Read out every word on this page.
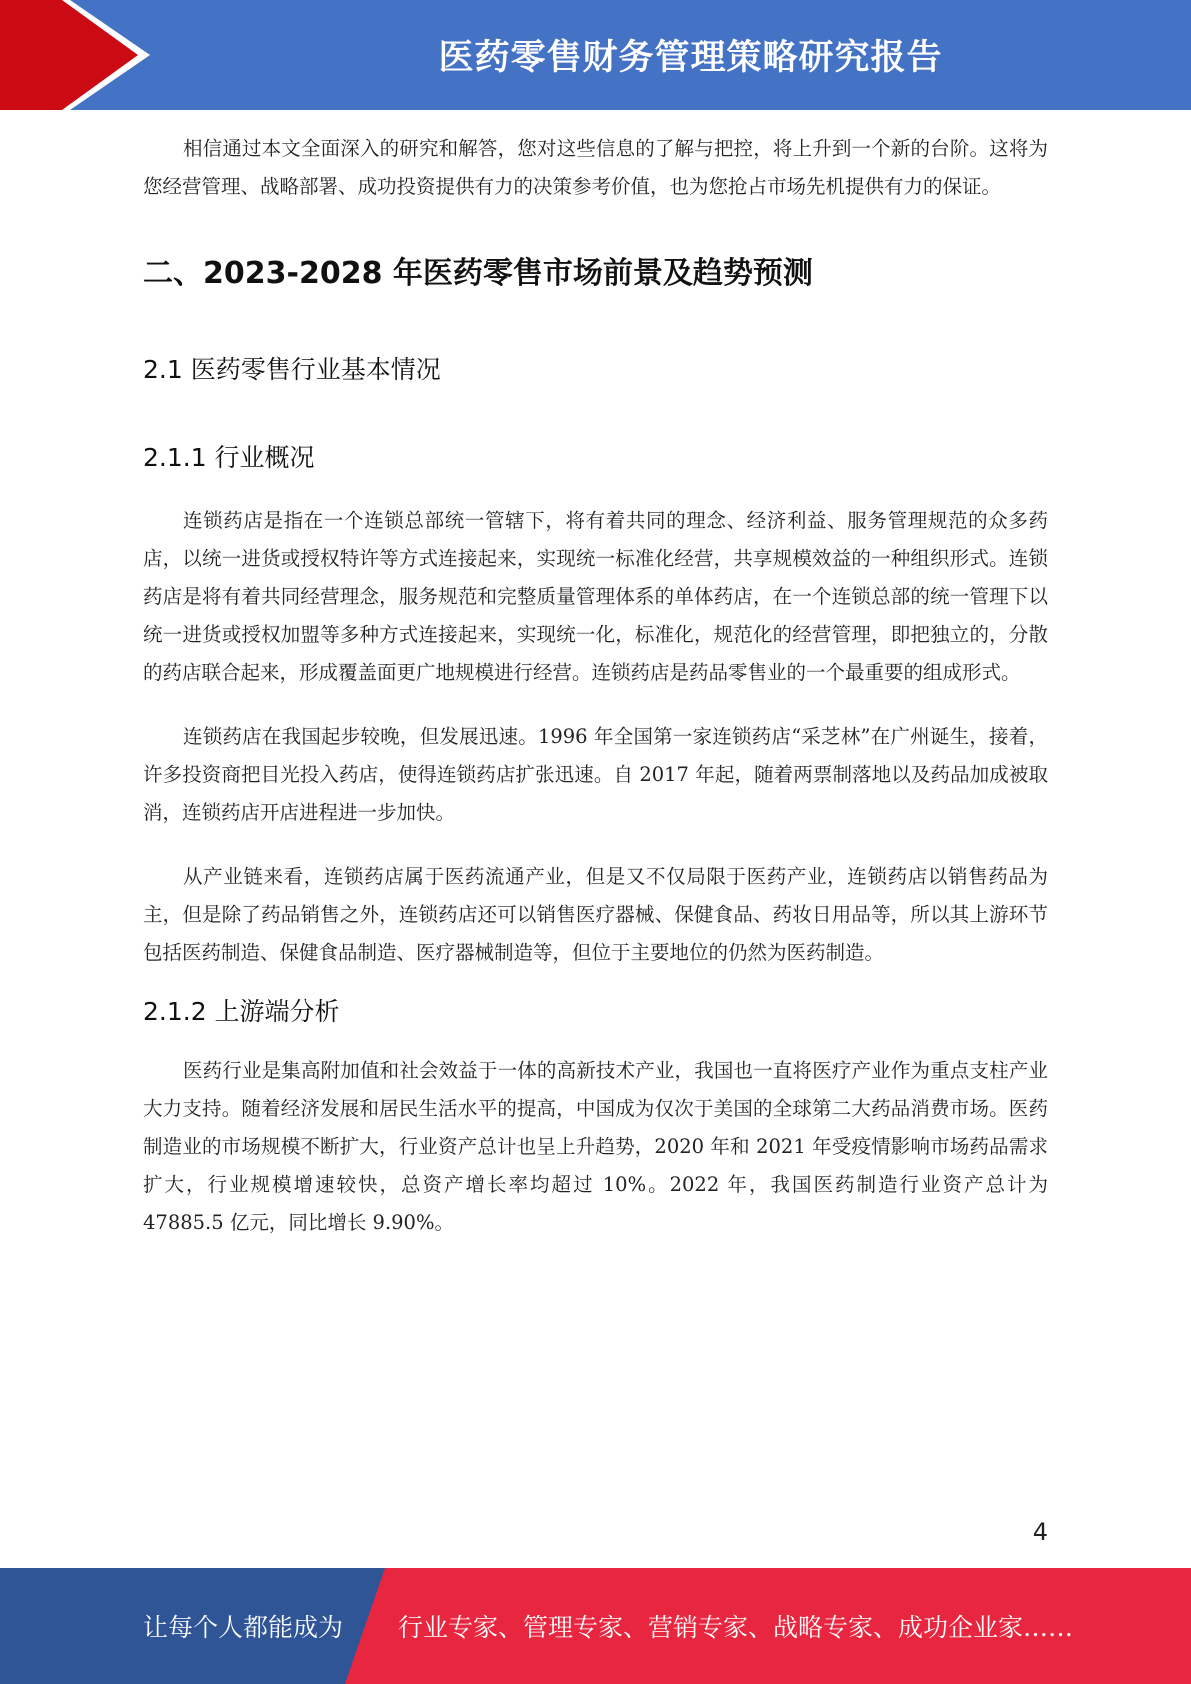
医药零售财务管理策略研究报告

相信通过本文全面深入的研究和解答，您对这些信息的了解与把控，将上升到一个新的台阶。这将为您经营管理、战略部署、成功投资提供有力的决策参考价值，也为您抢占市场先机提供有力的保证。

二、2023-2028 年医药零售市场前景及趋势预测
2.1 医药零售行业基本情况
2.1.1 行业概况

连锁药店是指在一个连锁总部统一管辖下，将有着共同的理念、经济利益、服务管理规范的众多药店，以统一进货或授权特许等方式连接起来，实现统一标准化经营，共享规模效益的一种组织形式。连锁药店是将有着共同经营理念，服务规范和完整质量管理体系的单体药店，在一个连锁总部的统一管理下以统一进货或授权加盟等多种方式连接起来，实现统一化，标准化，规范化的经营管理，即把独立的，分散的药店联合起来，形成覆盖面更广地规模进行经营。连锁药店是药品零售业的一个最重要的组成形式。

连锁药店在我国起步较晚，但发展迅速。1996 年全国第一家连锁药店“采芝林”在广州诞生，接着，许多投资商把目光投入药店，使得连锁药店扩张迅速。自 2017 年起，随着两票制落地以及药品加成被取消，连锁药店开店进程进一步加快。

从产业链来看，连锁药店属于医药流通产业，但是又不仅局限于医药产业，连锁药店以销售药品为主，但是除了药品销售之外，连锁药店还可以销售医疗器械、保健食品、药妆日用品等，所以其上游环节包括医药制造、保健食品制造、医疗器械制造等，但位于主要地位的仍然为医药制造。

2.1.2 上游端分析

医药行业是集高附加值和社会效益于一体的高新技术产业，我国也一直将医疗产业作为重点支柱产业大力支持。随着经济发展和居民生活水平的提高，中国成为仅次于美国的全球第二大药品消费市场。医药制造业的市场规模不断扩大，行业资产总计也呈上升趋势，2020 年和 2021 年受疫情影响市场药品需求扩大，行业规模增速较快，总资产增长率均超过 10%。2022 年，我国医药制造行业资产总计为 47885.5 亿元，同比增长 9.90%。

4
让每个人都能成为 行业专家、管理专家、营销专家、战略专家、成功企业家……
